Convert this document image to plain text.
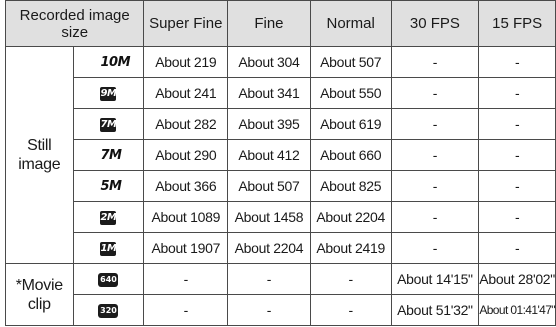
Recorded image size		Super Fine	Fine	Normal	30 FPS	15 FPS
Still image	10M	About 219	About 304	About 507	-	-
	9M	About 241	About 341	About 550	-	-
	7M	About 282	About 395	About 619	-	-
	7M	About 290	About 412	About 660	-	-
	5M	About 366	About 507	About 825	-	-
	2M	About 1089	About 1458	About 2204	-	-
	1M	About 1907	About 2204	About 2419	-	-
*Movie clip	640	-	-	-	About 14'15"	About 28'02"
	320	-	-	-	About 51'32"	About 01:41'47"
